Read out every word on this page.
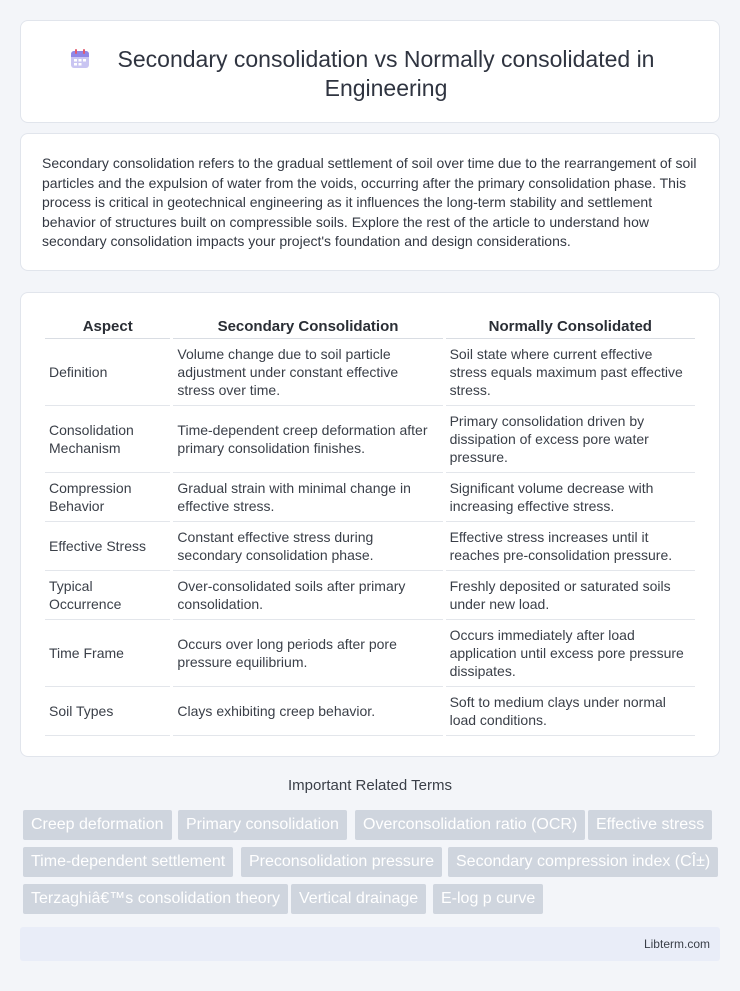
Secondary consolidation vs Normally consolidated in Engineering

Secondary consolidation refers to the gradual settlement of soil over time due to the rearrangement of soil particles and the expulsion of water from the voids, occurring after the primary consolidation phase. This process is critical in geotechnical engineering as it influences the long-term stability and settlement behavior of structures built on compressible soils. Explore the rest of the article to understand how secondary consolidation impacts your project's foundation and design considerations.

Aspect	Secondary Consolidation	Normally Consolidated
Definition	Volume change due to soil particle adjustment under constant effective stress over time.	Soil state where current effective stress equals maximum past effective stress.
Consolidation Mechanism	Time-dependent creep deformation after primary consolidation finishes.	Primary consolidation driven by dissipation of excess pore water pressure.
Compression Behavior	Gradual strain with minimal change in effective stress.	Significant volume decrease with increasing effective stress.
Effective Stress	Constant effective stress during secondary consolidation phase.	Effective stress increases until it reaches pre-consolidation pressure.
Typical Occurrence	Over-consolidated soils after primary consolidation.	Freshly deposited or saturated soils under new load.
Time Frame	Occurs over long periods after pore pressure equilibrium.	Occurs immediately after load application until excess pore pressure dissipates.
Soil Types	Clays exhibiting creep behavior.	Soft to medium clays under normal load conditions.
Important Related Terms
Creep deformation	Primary consolidation	Overconsolidation ratio (OCR)	Effective stress
Time-dependent settlement	Preconsolidation pressure	Secondary compression index (CÎ±)
Terzaghiâ€™s consolidation theory	Vertical drainage	E-log p curve
Libterm.com
